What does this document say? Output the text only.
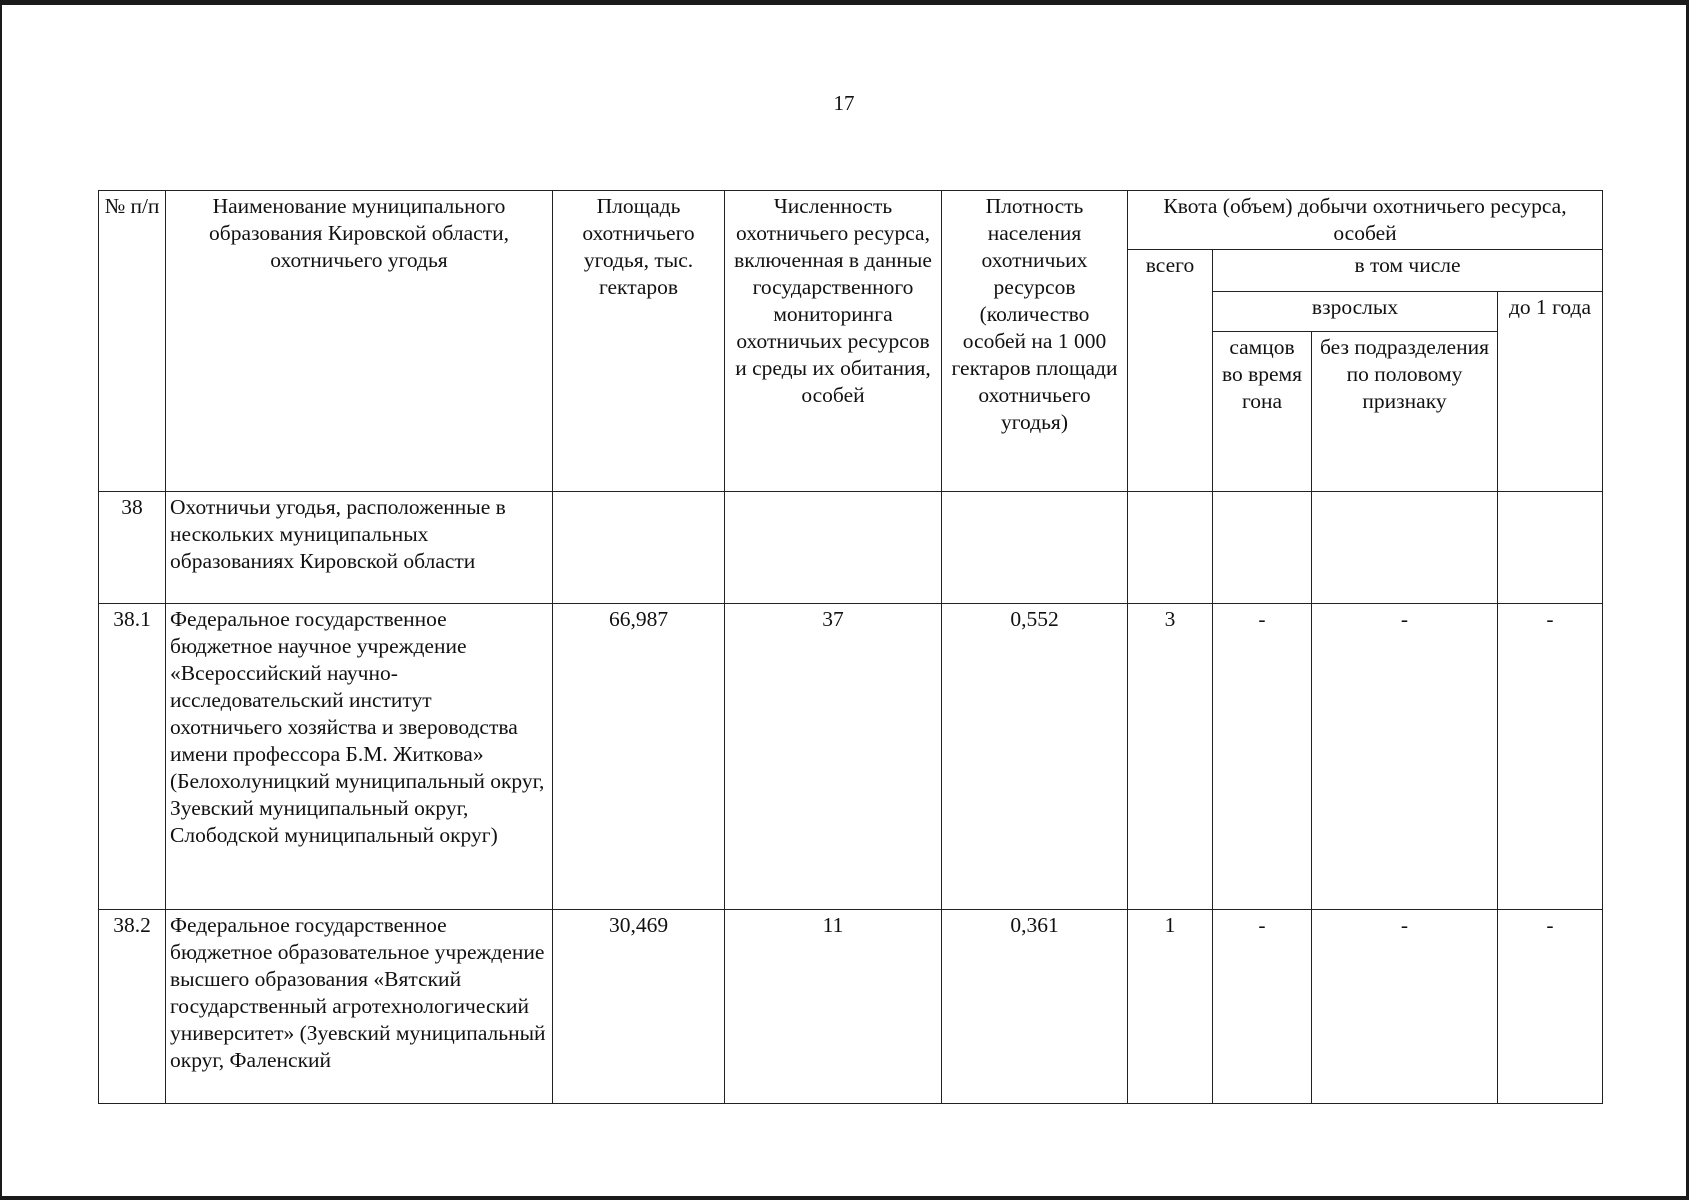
17
№ п/п	Наименование муниципального образования Кировской области, охотничьего угодья	Площадь охотничьего угодья, тыс. гектаров	Численность охотничьего ресурса, включенная в данные государственного мониторинга охотничьих ресурсов и среды их обитания, особей	Плотность населения охотничьих ресурсов (количество особей на 1 000 гектаров площади охотничьего угодья)	Квота (объем) добычи охотничьего ресурса, особей			
					всего	в том числе		
						взрослых		до 1 года
						самцов во время гона	без подразделения по половому признаку	
38	Охотничьи угодья, расположенные в нескольких муниципальных образованиях Кировской области							
38.1	Федеральное государственное бюджетное научное учреждение «Всероссийский научно-исследовательский институт охотничьего хозяйства и звероводства имени профессора Б.М. Житкова» (Белохолуницкий муниципальный округ, Зуевский муниципальный округ, Слободской муниципальный округ)	66,987	37	0,552	3	-	-	-
38.2	Федеральное государственное бюджетное образовательное учреждение высшего образования «Вятский государственный агротехнологический университет» (Зуевский муниципальный округ, Фаленский	30,469	11	0,361	1	-	-	-
